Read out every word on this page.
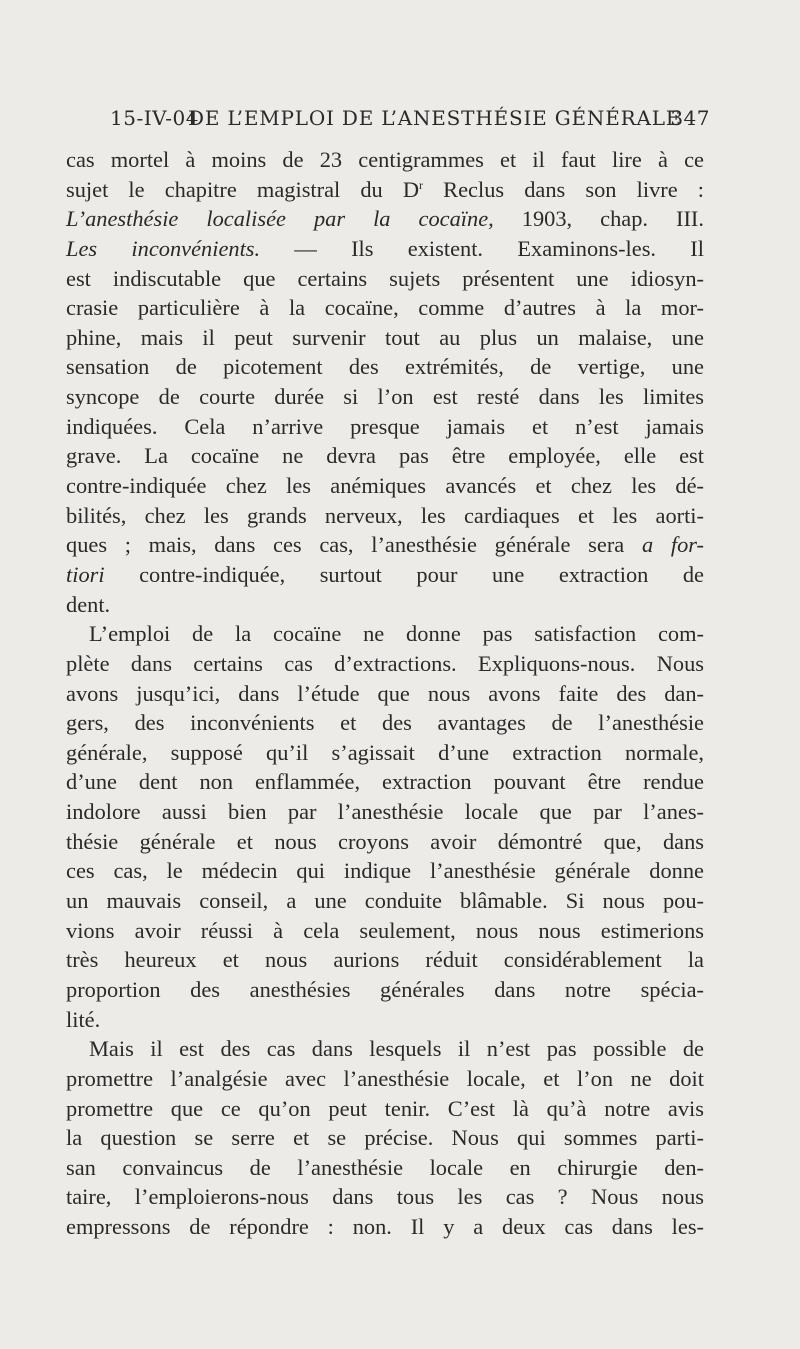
15-IV-04
DE L’EMPLOI DE L’ANESTHÉSIE GÉNÉRALE
347
cas mortel à moins de 23 centigrammes et il faut lire à ce
sujet le chapitre magistral du $D^r$ Reclus dans son livre :
L’anesthésie localisée par la cocaïne, 1903, chap. III.
Les inconvénients. — Ils existent. Examinons-les. Il
est indiscutable que certains sujets présentent une idiosyn-
crasie particulière à la cocaïne, comme d’autres à la mor-
phine, mais il peut survenir tout au plus un malaise, une
sensation de picotement des extrémités, de vertige, une
syncope de courte durée si l’on est resté dans les limites
indiquées. Cela n’arrive presque jamais et n’est jamais
grave. La cocaïne ne devra pas être employée, elle est
contre-indiquée chez les anémiques avancés et chez les dé-
bilités, chez les grands nerveux, les cardiaques et les aorti-
ques ; mais, dans ces cas, l’anesthésie générale sera a for-
tiori contre-indiquée, surtout pour une extraction de
dent.
L’emploi de la cocaïne ne donne pas satisfaction com-
plète dans certains cas d’extractions. Expliquons-nous. Nous
avons jusqu’ici, dans l’étude que nous avons faite des dan-
gers, des inconvénients et des avantages de l’anesthésie
générale, supposé qu’il s’agissait d’une extraction normale,
d’une dent non enflammée, extraction pouvant être rendue
indolore aussi bien par l’anesthésie locale que par l’anes-
thésie générale et nous croyons avoir démontré que, dans
ces cas, le médecin qui indique l’anesthésie générale donne
un mauvais conseil, a une conduite blâmable. Si nous pou-
vions avoir réussi à cela seulement, nous nous estimerions
très heureux et nous aurions réduit considérablement la
proportion des anesthésies générales dans notre spécia-
lité.
Mais il est des cas dans lesquels il n’est pas possible de
promettre l’analgésie avec l’anesthésie locale, et l’on ne doit
promettre que ce qu’on peut tenir. C’est là qu’à notre avis
la question se serre et se précise. Nous qui sommes parti-
san convaincus de l’anesthésie locale en chirurgie den-
taire, l’emploierons-nous dans tous les cas ? Nous nous
empressons de répondre : non. Il y a deux cas dans les-
